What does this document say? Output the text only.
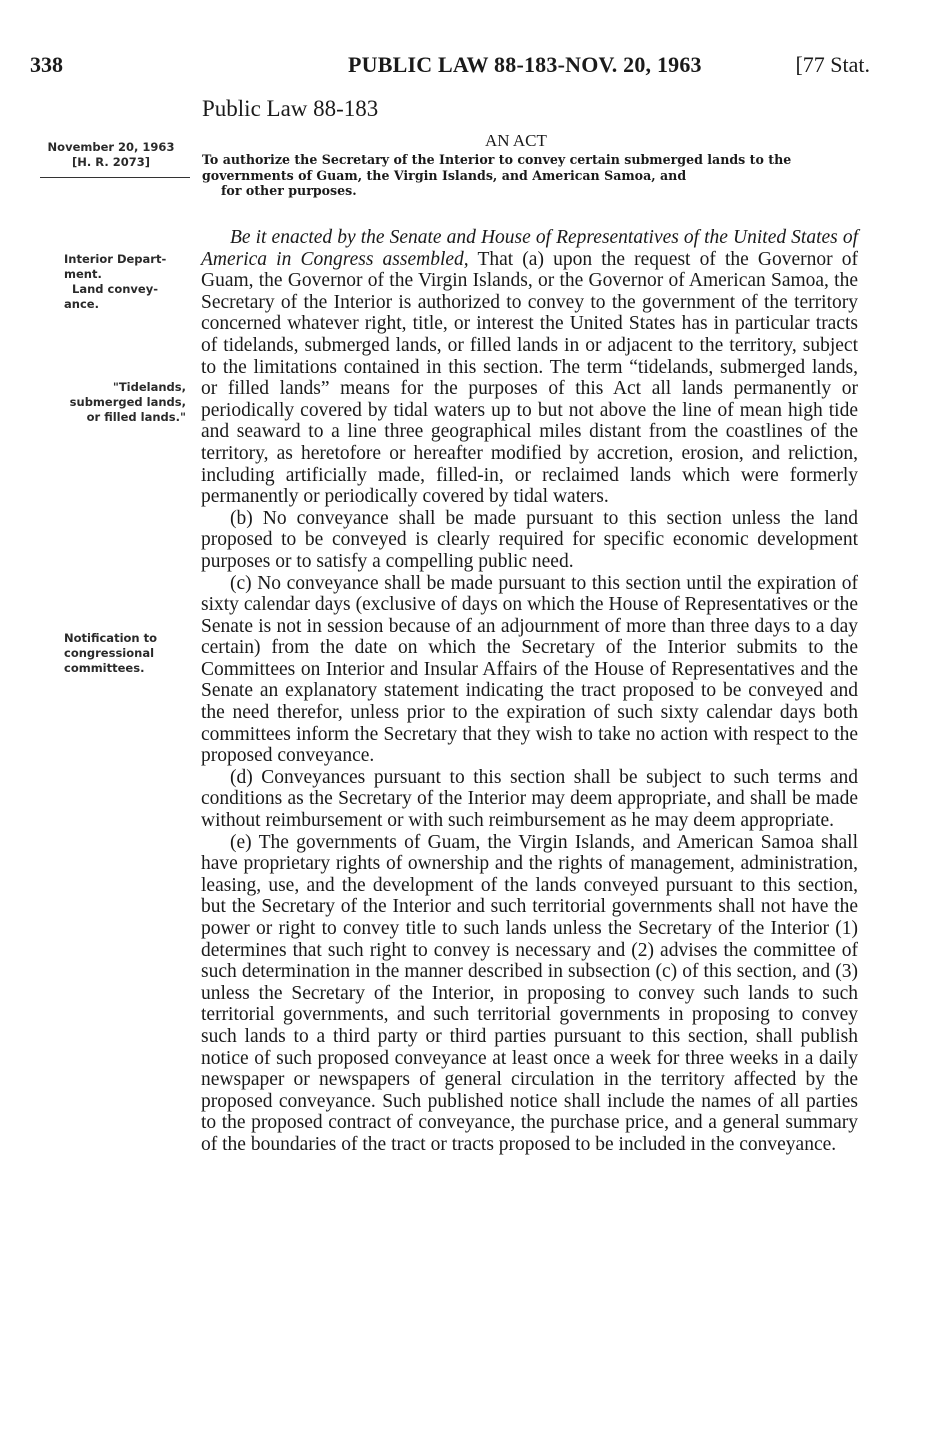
338	PUBLIC LAW 88-183-NOV. 20, 1963	[77 Stat.
Public Law 88-183
AN ACT
To authorize the Secretary of the Interior to convey certain submerged lands to the governments of Guam, the Virgin Islands, and American Samoa, and
for other purposes.
November 20, 1963
[H. R. 2073]
Interior Depart-
ment.
Land convey-
ance.
"Tidelands,
submerged lands,
or filled lands."
Notification to
congressional
committees.

Be it enacted by the Senate and House of Representatives of the United States of America in Congress assembled, That (a) upon the request of the Governor of Guam, the Governor of the Virgin Islands, or the Governor of American Samoa, the Secretary of the Interior is authorized to convey to the government of the territory concerned whatever right, title, or interest the United States has in particular tracts of tidelands, submerged lands, or filled lands in or adjacent to the territory, subject to the limitations contained in this section. The term “tidelands, submerged lands, or filled lands” means for the purposes of this Act all lands permanently or periodically covered by tidal waters up to but not above the line of mean high tide and seaward to a line three geographical miles distant from the coastlines of the territory, as heretofore or hereafter modified by accretion, erosion, and reliction, including artificially made, filled-in, or reclaimed lands which were formerly permanently or periodically covered by tidal waters.

(b) No conveyance shall be made pursuant to this section unless the land proposed to be conveyed is clearly required for specific economic development purposes or to satisfy a compelling public need.

(c) No conveyance shall be made pursuant to this section until the expiration of sixty calendar days (exclusive of days on which the House of Representatives or the Senate is not in session because of an adjournment of more than three days to a day certain) from the date on which the Secretary of the Interior submits to the Committees on Interior and Insular Affairs of the House of Representatives and the Senate an explanatory statement indicating the tract proposed to be conveyed and the need therefor, unless prior to the expiration of such sixty calendar days both committees inform the Secretary that they wish to take no action with respect to the proposed conveyance.

(d) Conveyances pursuant to this section shall be subject to such terms and conditions as the Secretary of the Interior may deem appropriate, and shall be made without reimbursement or with such reimbursement as he may deem appropriate.

(e) The governments of Guam, the Virgin Islands, and American Samoa shall have proprietary rights of ownership and the rights of management, administration, leasing, use, and the development of the lands conveyed pursuant to this section, but the Secretary of the Interior and such territorial governments shall not have the power or right to convey title to such lands unless the Secretary of the Interior (1) determines that such right to convey is necessary and (2) advises the committee of such determination in the manner described in subsection (c) of this section, and (3) unless the Secretary of the Interior, in proposing to convey such lands to such territorial governments, and such territorial governments in proposing to convey such lands to a third party or third parties pursuant to this section, shall publish notice of such proposed conveyance at least once a week for three weeks in a daily newspaper or newspapers of general circulation in the territory affected by the proposed conveyance. Such published notice shall include the names of all parties to the proposed contract of conveyance, the purchase price, and a general summary of the boundaries of the tract or tracts proposed to be included in the conveyance.
